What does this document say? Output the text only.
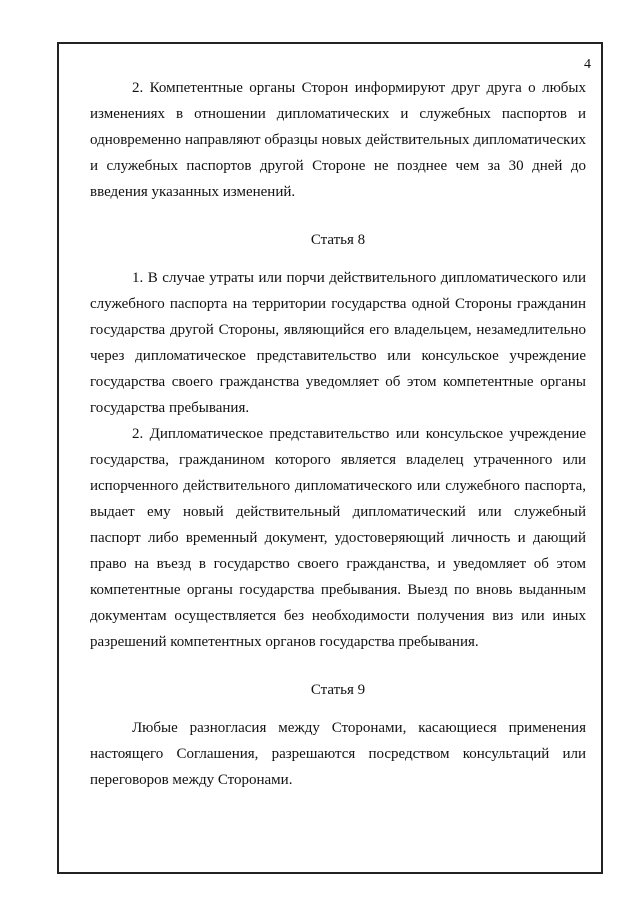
4

2. Компетентные органы Сторон информируют друг друга о любых изменениях в отношении дипломатических и служебных паспортов и одновременно направляют образцы новых действительных дипломатических и служебных паспортов другой Стороне не позднее чем за 30 дней до введения указанных изменений.

Статья 8

1. В случае утраты или порчи действительного дипломатического или служебного паспорта на территории государства одной Стороны гражданин государства другой Стороны, являющийся его владельцем, незамедлительно через дипломатическое представительство или консульское учреждение государства своего гражданства уведомляет об этом компетентные органы государства пребывания.

2. Дипломатическое представительство или консульское учреждение государства, гражданином которого является владелец утраченного или испорченного действительного дипломатического или служебного паспорта, выдает ему новый действительный дипломатический или служебный паспорт либо временный документ, удостоверяющий личность и дающий право на въезд в государство своего гражданства, и уведомляет об этом компетентные органы государства пребывания. Выезд по вновь выданным документам осуществляется без необходимости получения виз или иных разрешений компетентных органов государства пребывания.

Статья 9

Любые разногласия между Сторонами, касающиеся применения настоящего Соглашения, разрешаются посредством консультаций или переговоров между Сторонами.
